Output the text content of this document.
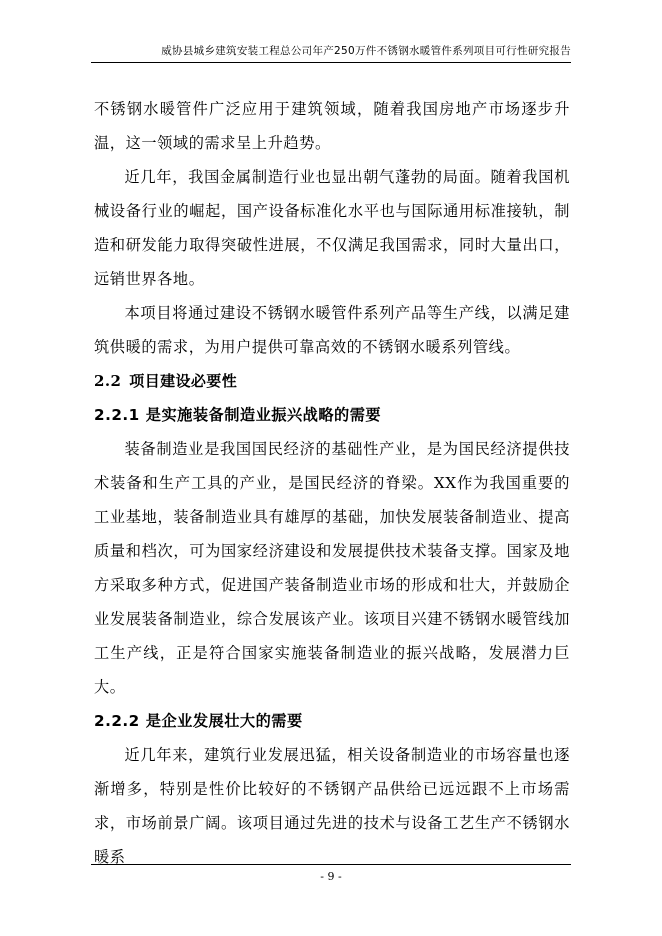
威协县城乡建筑安装工程总公司年产250万件不锈钢水暖管件系列项目可行性研究报告

不锈钢水暖管件广泛应用于建筑领域，随着我国房地产市场逐步升温，这一领域的需求呈上升趋势。

近几年，我国金属制造行业也显出朝气蓬勃的局面。随着我国机械设备行业的崛起，国产设备标准化水平也与国际通用标准接轨，制造和研发能力取得突破性进展，不仅满足我国需求，同时大量出口，远销世界各地。

本项目将通过建设不锈钢水暖管件系列产品等生产线，以满足建筑供暖的需求，为用户提供可靠高效的不锈钢水暖系列管线。

2.2 项目建设必要性
2.2.1 是实施装备制造业振兴战略的需要

装备制造业是我国国民经济的基础性产业，是为国民经济提供技术装备和生产工具的产业，是国民经济的脊梁。XX作为我国重要的工业基地，装备制造业具有雄厚的基础，加快发展装备制造业、提高质量和档次，可为国家经济建设和发展提供技术装备支撑。国家及地方采取多种方式，促进国产装备制造业市场的形成和壮大，并鼓励企业发展装备制造业，综合发展该产业。该项目兴建不锈钢水暖管线加工生产线，正是符合国家实施装备制造业的振兴战略，发展潜力巨大。

2.2.2 是企业发展壮大的需要

近几年来，建筑行业发展迅猛，相关设备制造业的市场容量也逐渐增多，特别是性价比较好的不锈钢产品供给已远远跟不上市场需求，市场前景广阔。该项目通过先进的技术与设备工艺生产不锈钢水暖系

- 9 -
